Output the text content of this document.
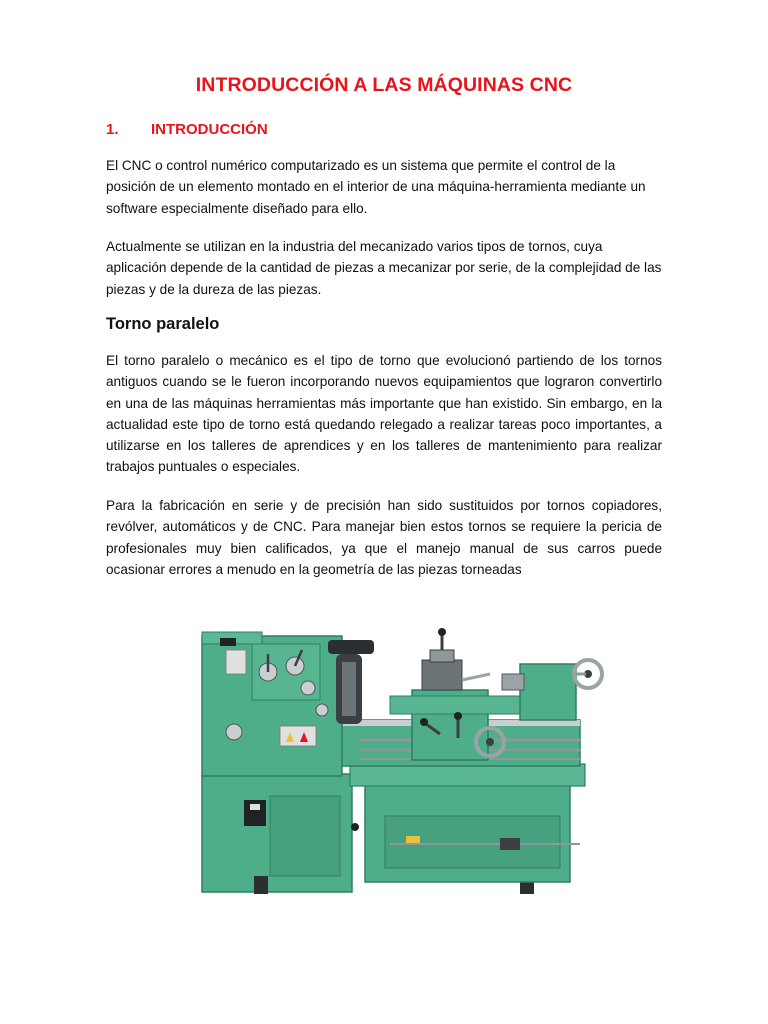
INTRODUCCIÓN A LAS MÁQUINAS CNC
1. INTRODUCCIÓN

El CNC o control numérico computarizado es un sistema que permite el control de la posición de un elemento montado en el interior de una máquina-herramienta mediante un software especialmente diseñado para ello.

Actualmente se utilizan en la industria del mecanizado varios tipos de tornos, cuya aplicación depende de la cantidad de piezas a mecanizar por serie, de la complejidad de las piezas y de la dureza de las piezas.

Torno paralelo

El torno paralelo o mecánico es el tipo de torno que evolucionó partiendo de los tornos antiguos cuando se le fueron incorporando nuevos equipamientos que lograron convertirlo en una de las máquinas herramientas más importante que han existido. Sin embargo, en la actualidad este tipo de torno está quedando relegado a realizar tareas poco importantes, a utilizarse en los talleres de aprendices y en los talleres de mantenimiento para realizar trabajos puntuales o especiales.

Para la fabricación en serie y de precisión han sido sustituidos por tornos copiadores, revólver, automáticos y de CNC. Para manejar bien estos tornos se requiere la pericia de profesionales muy bien calificados, ya que el manejo manual de sus carros puede ocasionar errores a menudo en la geometría de las piezas torneadas
